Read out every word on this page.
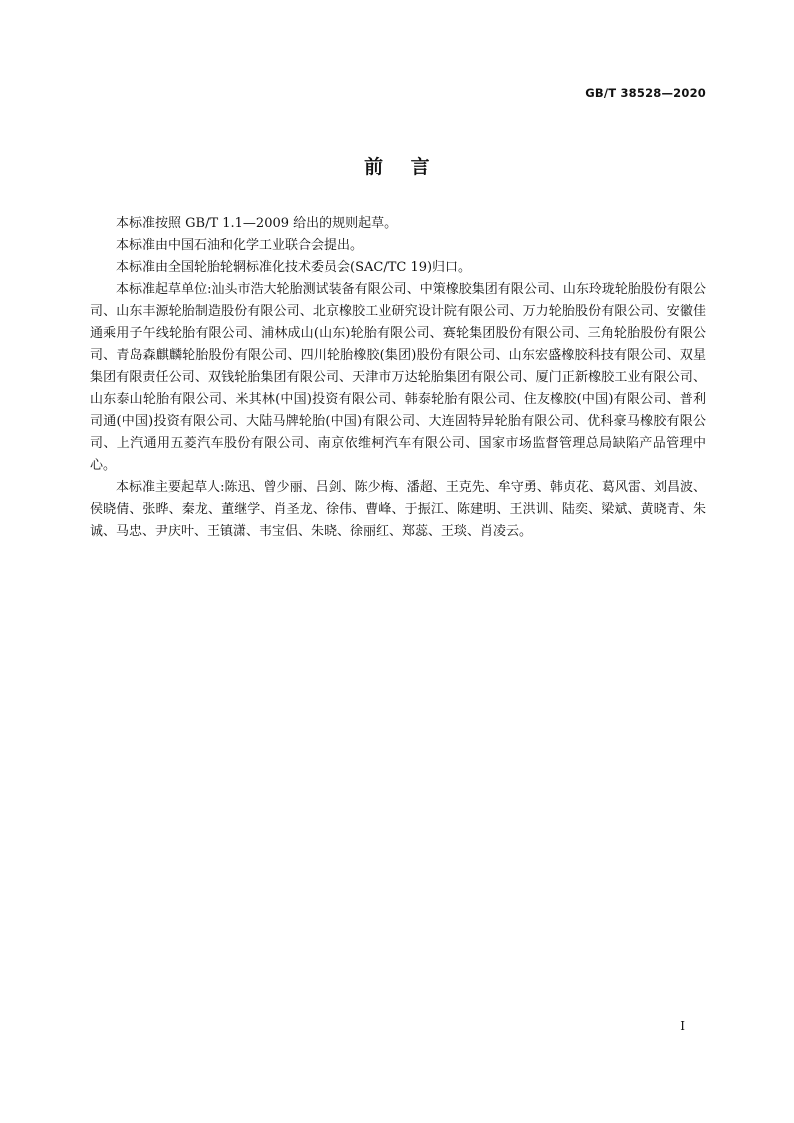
GB/T 38528—2020
前    言

本标准按照 GB/T 1.1—2009 给出的规则起草。

本标准由中国石油和化学工业联合会提出。

本标准由全国轮胎轮辋标准化技术委员会(SAC/TC 19)归口。

本标准起草单位:汕头市浩大轮胎测试装备有限公司、中策橡胶集团有限公司、山东玲珑轮胎股份有限公司、山东丰源轮胎制造股份有限公司、北京橡胶工业研究设计院有限公司、万力轮胎股份有限公司、安徽佳通乘用子午线轮胎有限公司、浦林成山(山东)轮胎有限公司、赛轮集团股份有限公司、三角轮胎股份有限公司、青岛森麒麟轮胎股份有限公司、四川轮胎橡胶(集团)股份有限公司、山东宏盛橡胶科技有限公司、双星集团有限责任公司、双钱轮胎集团有限公司、天津市万达轮胎集团有限公司、厦门正新橡胶工业有限公司、山东泰山轮胎有限公司、米其林(中国)投资有限公司、韩泰轮胎有限公司、住友橡胶(中国)有限公司、普利司通(中国)投资有限公司、大陆马牌轮胎(中国)有限公司、大连固特异轮胎有限公司、优科豪马橡胶有限公司、上汽通用五菱汽车股份有限公司、南京依维柯汽车有限公司、国家市场监督管理总局缺陷产品管理中心。

本标准主要起草人:陈迅、曾少丽、吕剑、陈少梅、潘超、王克先、牟守勇、韩贞花、葛风雷、刘昌波、侯晓倩、张晔、秦龙、董继学、肖圣龙、徐伟、曹峰、于振江、陈建明、王洪训、陆奕、梁斌、黄晓青、朱诚、马忠、尹庆叶、王镇潇、韦宝侣、朱晓、徐丽红、郑蕊、王琰、肖凌云。

I
